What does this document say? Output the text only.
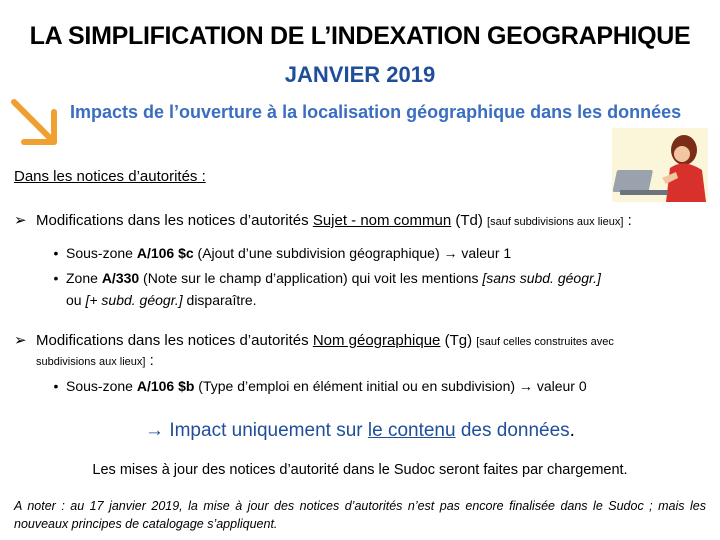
LA SIMPLIFICATION DE L’INDEXATION GEOGRAPHIQUE
JANVIER 2019
Impacts de l’ouverture à la localisation géographique dans les données
Dans les notices d’autorités :
➢ Modifications dans les notices d’autorités Sujet - nom commun (Td) [sauf subdivisions aux lieux] :
• Sous-zone A/106 $c (Ajout d’une subdivision géographique) → valeur 1
• Zone A/330 (Note sur le champ d’application) qui voit les mentions [sans subd. géogr.]
ou [+ subd. géogr.] disparaître.
➢ Modifications dans les notices d’autorités Nom géographique (Tg) [sauf celles construites avec
subdivisions aux lieux] :
• Sous-zone A/106 $b (Type d’emploi en élément initial ou en subdivision) → valeur 0
→ Impact uniquement sur le contenu des données.
Les mises à jour des notices d’autorité dans le Sudoc seront faites par chargement.
A noter : au 17 janvier 2019, la mise à jour des notices d’autorités n’est pas encore finalisée dans le Sudoc ; mais les nouveaux principes de catalogage s’appliquent.
